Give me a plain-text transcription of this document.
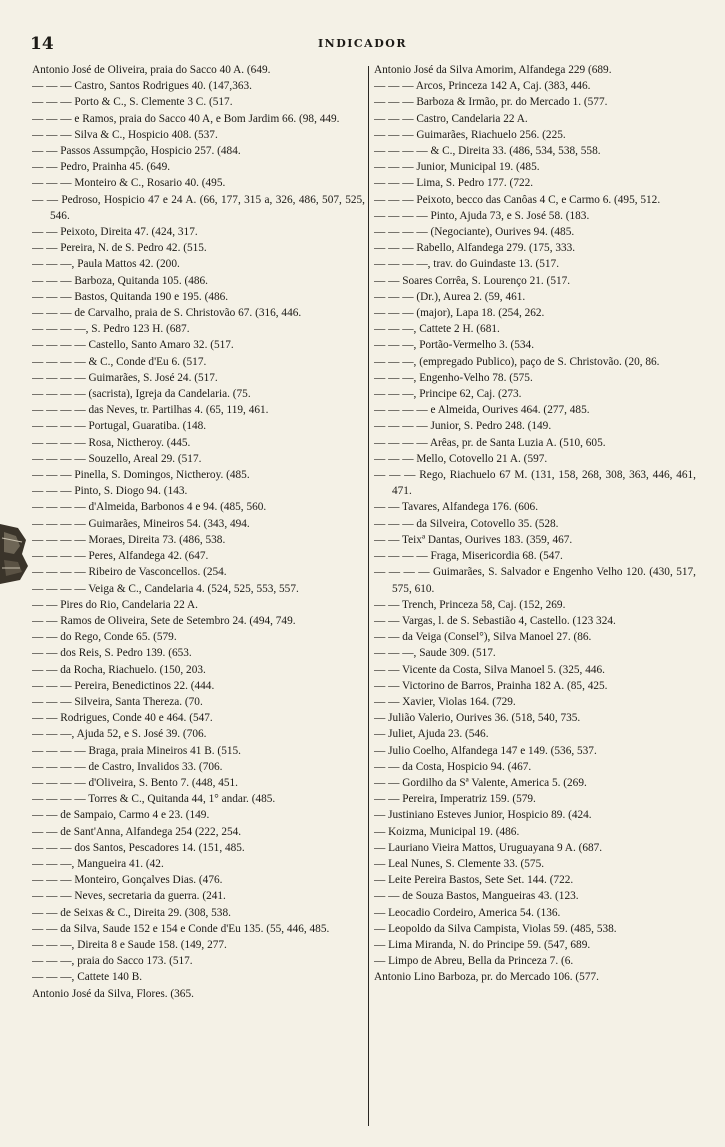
14	INDICADOR
Antonio José de Oliveira, praia do Sacco 40 A. (649.
— — — Castro, Santos Rodrigues 40. (147,363.
— — — Porto & C., S. Clemente 3 C. (517.
— — — e Ramos, praia do Sacco 40 A, e Bom Jardim 66. (98, 449.
— — — Silva & C., Hospicio 408. (537.
— — Passos Assumpção, Hospicio 257. (484.
— — Pedro, Prainha 45. (649.
— — — Monteiro & C., Rosario 40. (495.
— — Pedroso, Hospicio 47 e 24 A. (66, 177, 315 a, 326, 486, 507, 525, 546.
— — Peixoto, Direita 47. (424, 317.
— — Pereira, N. de S. Pedro 42. (515.
— — —, Paula Mattos 42. (200.
— — — Barboza, Quitanda 105. (486.
— — — Bastos, Quitanda 190 e 195. (486.
— — — de Carvalho, praia de S. Christovão 67. (316, 446.
— — — —, S. Pedro 123 H. (687.
— — — — Castello, Santo Amaro 32. (517.
— — — — & C., Conde d'Eu 6. (517.
— — — — Guimarães, S. José 24. (517.
— — — — (sacrista), Igreja da Candelaria. (75.
— — — — das Neves, tr. Partilhas 4. (65, 119, 461.
— — — — Portugal, Guaratiba. (148.
— — — — Rosa, Nictheroy. (445.
— — — — Souzello, Areal 29. (517.
— — — Pinella, S. Domingos, Nictheroy. (485.
— — — Pinto, S. Diogo 94. (143.
— — — — d'Almeida, Barbonos 4 e 94. (485, 560.
— — — — Guimarães, Mineiros 54. (343, 494.
— — — — Moraes, Direita 73. (486, 538.
— — — — Peres, Alfandega 42. (647.
— — — — Ribeiro de Vasconcellos. (254.
— — — — Veiga & C., Candelaria 4. (524, 525, 553, 557.
— — Pires do Rio, Candelaria 22 A.
— — Ramos de Oliveira, Sete de Setembro 24. (494, 749.
— — do Rego, Conde 65. (579.
— — dos Reis, S. Pedro 139. (653.
— — da Rocha, Riachuelo. (150, 203.
— — — Pereira, Benedictinos 22. (444.
— — — Silveira, Santa Thereza. (70.
— — Rodrigues, Conde 40 e 464. (547.
— — —, Ajuda 52, e S. José 39. (706.
— — — — Braga, praia Mineiros 41 B. (515.
— — — — de Castro, Invalidos 33. (706.
— — — — d'Oliveira, S. Bento 7. (448, 451.
— — — — Torres & C., Quitanda 44, 1° andar. (485.
— — de Sampaio, Carmo 4 e 23. (149.
— — de Sant'Anna, Alfandega 254 (222, 254.
— — — dos Santos, Pescadores 14. (151, 485.
— — —, Mangueira 41. (42.
— — — Monteiro, Gonçalves Dias. (476.
— — — Neves, secretaria da guerra. (241.
— — de Seixas & C., Direita 29. (308, 538.
— — da Silva, Saude 152 e 154 e Conde d'Eu 135. (55, 446, 485.
— — —, Direita 8 e Saude 158. (149, 277.
— — —, praia do Sacco 173. (517.
— — —, Cattete 140 B.
Antonio José da Silva, Flores. (365.
Antonio José da Silva Amorim, Alfandega 229 (689.
— — — Arcos, Princeza 142 A, Caj. (383, 446.
— — — Barboza & Irmão, pr. do Mercado 1. (577.
— — — Castro, Candelaria 22 A.
— — — Guimarães, Riachuelo 256. (225.
— — — — & C., Direita 33. (486, 534, 538, 558.
— — — Junior, Municipal 19. (485.
— — — Lima, S. Pedro 177. (722.
— — — Peixoto, becco das Canôas 4 C, e Carmo 6. (495, 512.
— — — — Pinto, Ajuda 73, e S. José 58. (183.
— — — — (Negociante), Ourives 94. (485.
— — — Rabello, Alfandega 279. (175, 333.
— — — —, trav. do Guindaste 13. (517.
— — Soares Corrêa, S. Lourenço 21. (517.
— — — (Dr.), Aurea 2. (59, 461.
— — — (major), Lapa 18. (254, 262.
— — —, Cattete 2 H. (681.
— — —, Portão-Vermelho 3. (534.
— — —, (empregado Publico), paço de S. Christovão. (20, 86.
— — —, Engenho-Velho 78. (575.
— — —, Principe 62, Caj. (273.
— — — — e Almeida, Ourives 464. (277, 485.
— — — — Junior, S. Pedro 248. (149.
— — — — Arêas, pr. de Santa Luzia A. (510, 605.
— — — Mello, Cotovello 21 A. (597.
— — — Rego, Riachuelo 67 M. (131, 158, 268, 308, 363, 446, 461, 471.
— — Tavares, Alfandega 176. (606.
— — — da Silveira, Cotovello 35. (528.
— — Teixª Dantas, Ourives 183. (359, 467.
— — — — Fraga, Misericordia 68. (547.
— — — — Guimarães, S. Salvador e Engenho Velho 120. (430, 517, 575, 610.
— — Trench, Princeza 58, Caj. (152, 269.
— — Vargas, l. de S. Sebastião 4, Castello. (123 324.
— — da Veiga (Consel°), Silva Manoel 27. (86.
— — —, Saude 309. (517.
— — Vicente da Costa, Silva Manoel 5. (325, 446.
— — Victorino de Barros, Prainha 182 A. (85, 425.
— — Xavier, Violas 164. (729.
— Julião Valerio, Ourives 36. (518, 540, 735.
— Juliet, Ajuda 23. (546.
— Julio Coelho, Alfandega 147 e 149. (536, 537.
— — da Costa, Hospicio 94. (467.
— — Gordilho da Sª Valente, America 5. (269.
— — Pereira, Imperatriz 159. (579.
— Justiniano Esteves Junior, Hospicio 89. (424.
— Koizma, Municipal 19. (486.
— Lauriano Vieira Mattos, Uruguayana 9 A. (687.
— Leal Nunes, S. Clemente 33. (575.
— Leite Pereira Bastos, Sete Set. 144. (722.
— — de Souza Bastos, Mangueiras 43. (123.
— Leocadio Cordeiro, America 54. (136.
— Leopoldo da Silva Campista, Violas 59. (485, 538.
— Lima Miranda, N. do Principe 59. (547, 689.
— Limpo de Abreu, Bella da Princeza 7. (6.
Antonio Lino Barboza, pr. do Mercado 106. (577.
